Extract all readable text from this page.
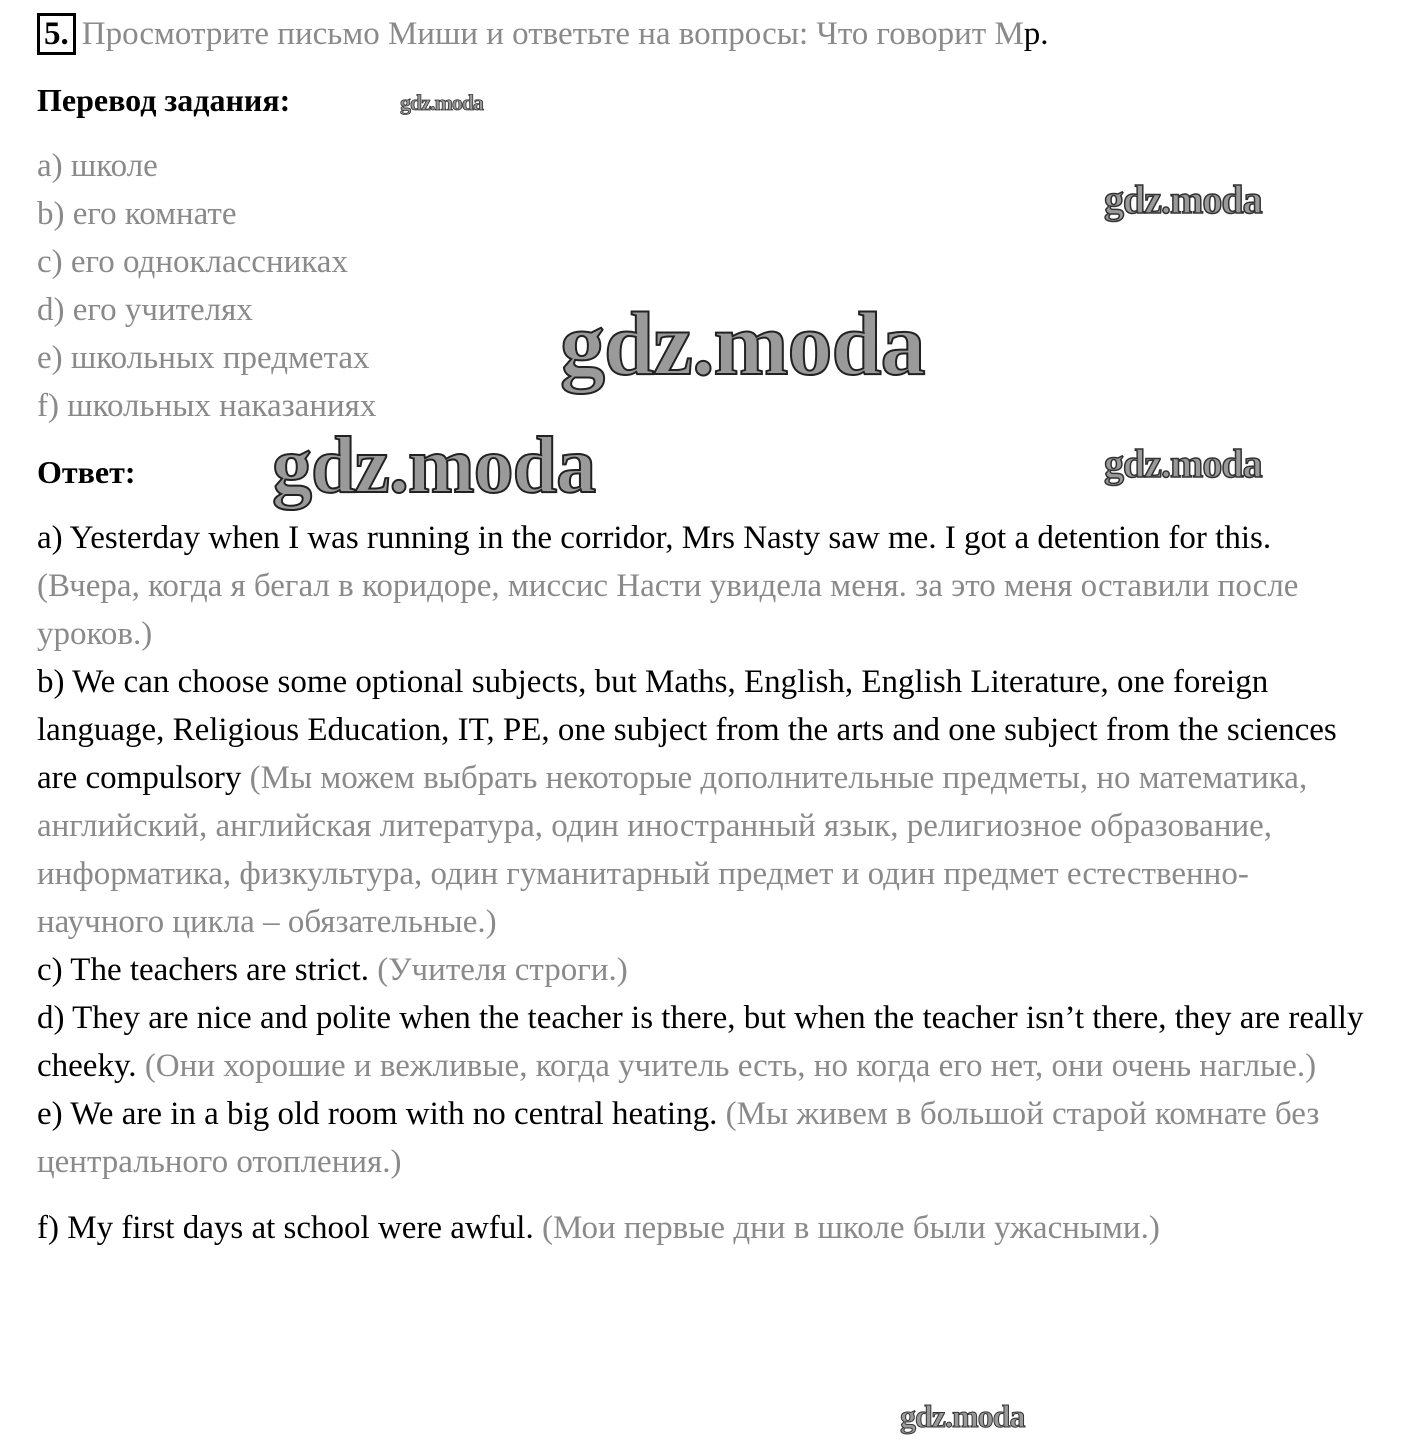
5. Просмотрите письмо Миши и ответьте на вопросы: Что говорит Мр.
Перевод задания:
a) школе
b) его комнате
c) его одноклассниках
d) его учителях
e) школьных предметах
f) школьных наказаниях
Ответ:
a) Yesterday when I was running in the corridor, Mrs Nasty saw me. I got a detention for this. (Вчера, когда я бегал в коридоре, миссис Насти увидела меня. за это меня оставили после уроков.)
b) We can choose some optional subjects, but Maths, English, English Literature, one foreign language, Religious Education, IT, PE, one subject from the arts and one subject from the sciences are compulsory (Мы можем выбрать некоторые дополнительные предметы, но математика, английский, английская литература, один иностранный язык, религиозное образование, информатика, физкультура, один гуманитарный предмет и один предмет естественно-научного цикла – обязательные.)
c) The teachers are strict. (Учителя строги.)
d) They are nice and polite when the teacher is there, but when the teacher isn’t there, they are really cheeky. (Они хорошие и вежливые, когда учитель есть, но когда его нет, они очень наглые.)
e) We are in a big old room with no central heating. (Мы живем в большой старой комнате без центрального отопления.)
f) My first days at school were awful. (Мои первые дни в школе были ужасными.)
gdz.moda
gdz.moda
gdz.moda
gdz.moda
gdz.moda
gdz.moda
